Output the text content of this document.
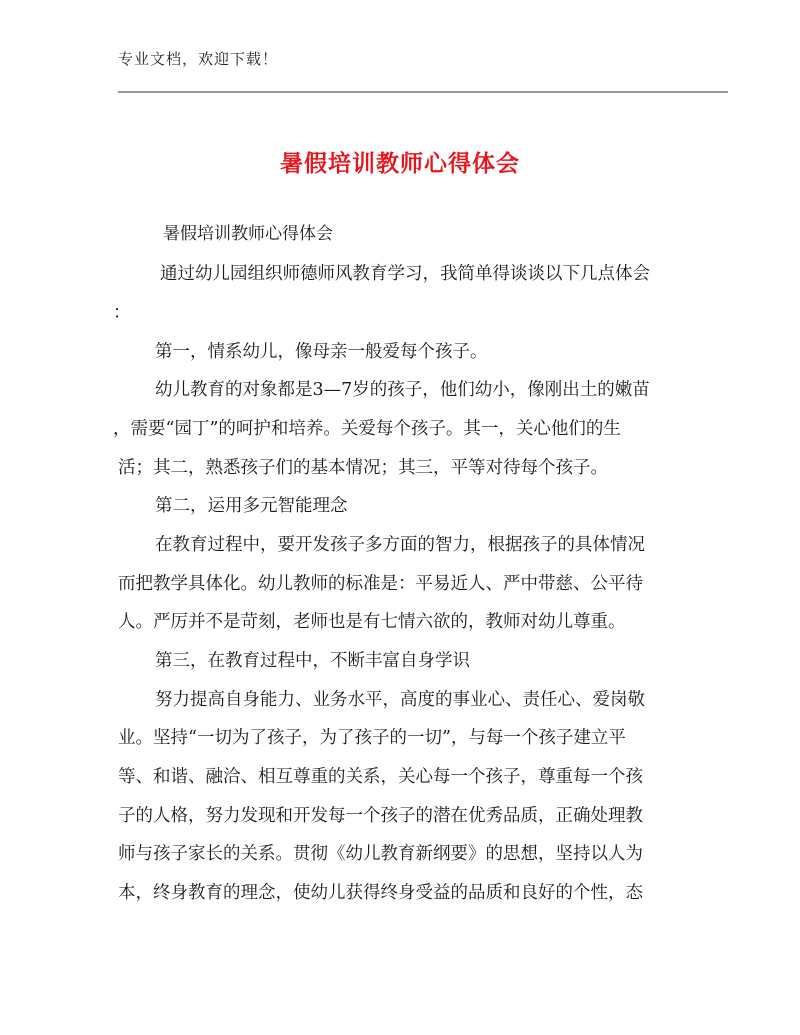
专业文档，欢迎下载！
暑假培训教师心得体会
暑假培训教师心得体会
通过幼儿园组织师德师风教育学习，我简单得谈谈以下几点体会
：
第一，情系幼儿，像母亲一般爱每个孩子。
幼儿教育的对象都是3—7岁的孩子，他们幼小，像刚出土的嫩苗
，需要“园丁”的呵护和培养。关爱每个孩子。其一，关心他们的生
活；其二，熟悉孩子们的基本情况；其三，平等对待每个孩子。
第二，运用多元智能理念
在教育过程中，要开发孩子多方面的智力，根据孩子的具体情况
而把教学具体化。幼儿教师的标准是：平易近人、严中带慈、公平待
人。严厉并不是苛刻，老师也是有七情六欲的，教师对幼儿尊重。
第三，在教育过程中，不断丰富自身学识
努力提高自身能力、业务水平，高度的事业心、责任心、爱岗敬
业。坚持“一切为了孩子，为了孩子的一切”，与每一个孩子建立平
等、和谐、融洽、相互尊重的关系，关心每一个孩子，尊重每一个孩
子的人格，努力发现和开发每一个孩子的潜在优秀品质，正确处理教
师与孩子家长的关系。贯彻《幼儿教育新纲要》的思想，坚持以人为
本，终身教育的理念，使幼儿获得终身受益的品质和良好的个性，态
